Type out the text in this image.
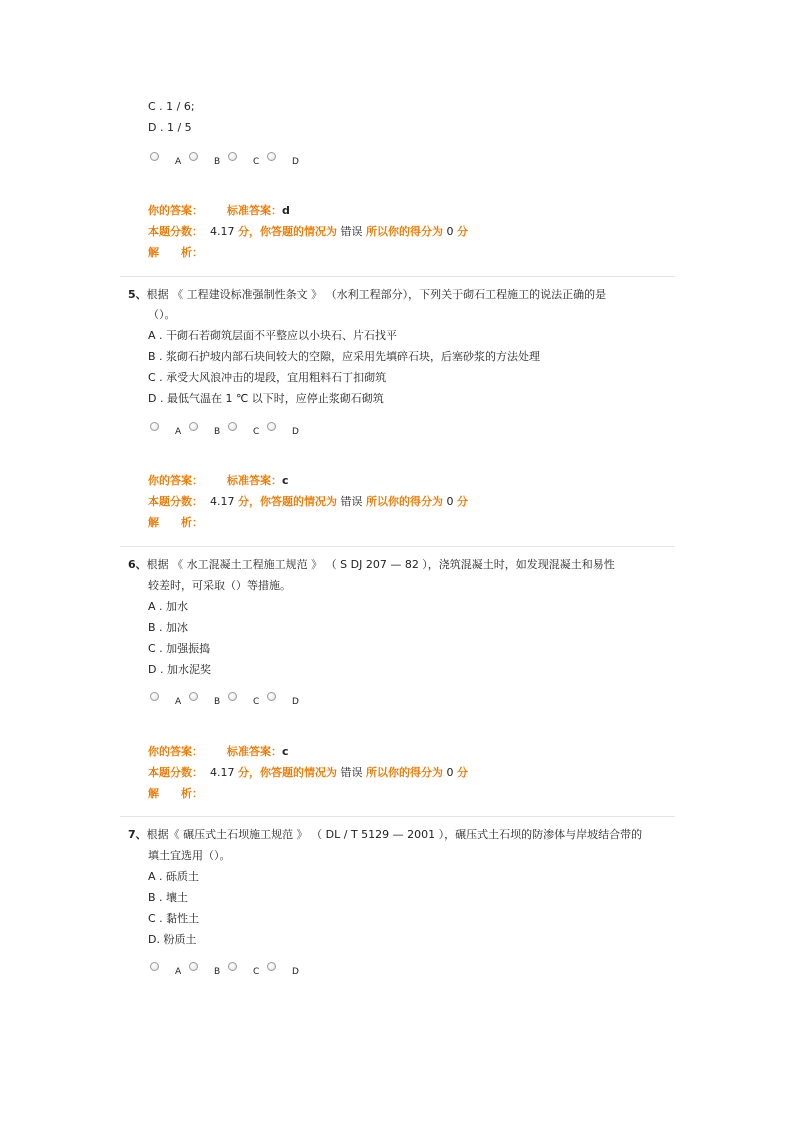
C . 1 / 6;
D . 1 / 5
A	B	C	D
你的答案： 标准答案：d
本题分数： 4.17 分，你答题的情况为 错误 所以你的得分为 0 分
解　　析：
5、根据 《 工程建设标准强制性条文 》 （水利工程部分），下列关于砌石工程施工的说法正确的是
（）。
A . 干砌石若砌筑层面不平整应以小块石、片石找平
B . 浆砌石护坡内部石块间较大的空隙，应采用先填碎石块，后塞砂浆的方法处理
C . 承受大风浪冲击的堤段，宜用粗料石丁扣砌筑
D . 最低气温在 1 ℃ 以下时，应停止浆砌石砌筑
A	B	C	D
你的答案： 标准答案：c
本题分数： 4.17 分，你答题的情况为 错误 所以你的得分为 0 分
解　　析：
6、根据 《 水工混凝土工程施工规范 》 （ S DJ 207 — 82 ），浇筑混凝土时，如发现混凝土和易性
较差时，可采取（）等措施。
A . 加水
B . 加冰
C . 加强振捣
D . 加水泥奖
A	B	C	D
你的答案： 标准答案：c
本题分数： 4.17 分，你答题的情况为 错误 所以你的得分为 0 分
解　　析：
7、根据《 碾压式土石坝施工规范 》 （ DL / T 5129 — 2001 ），碾压式土石坝的防渗体与岸坡结合带的
填土宜选用（）。
A . 砾质土
B . 壤土
C . 黏性土
D. 粉质土
A	B	C	D
